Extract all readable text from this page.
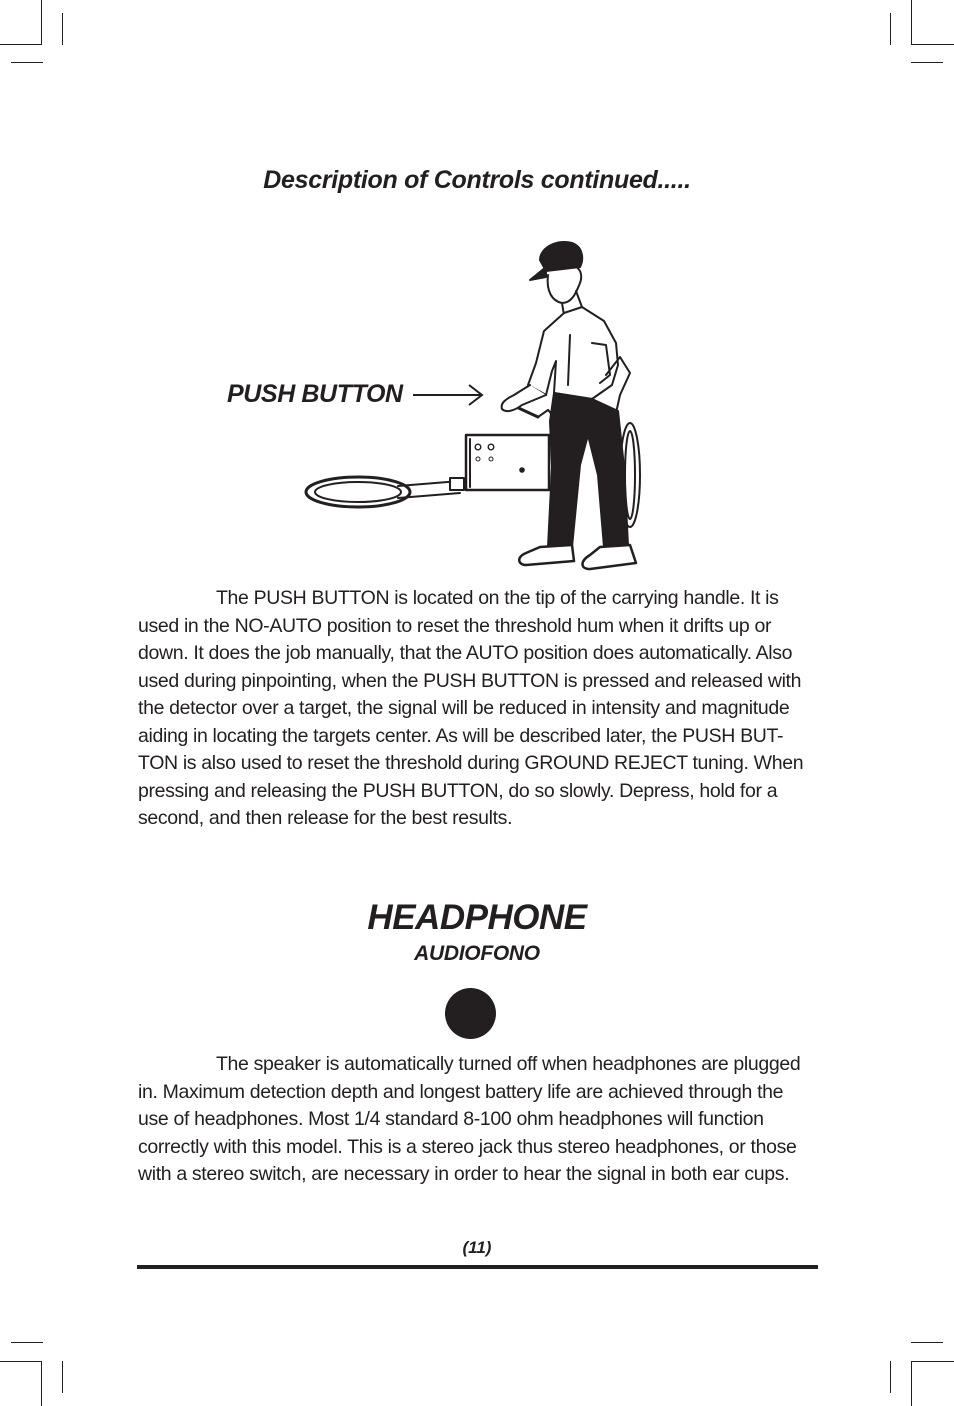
Description of Controls continued.....
PUSH BUTTON

The PUSH BUTTON is located on the tip of the carrying handle. It is used in the NO-AUTO position to reset the threshold hum when it drifts up or down. It does the job manually, that the AUTO position does automatically. Also used during pinpointing, when the PUSH BUTTON is pressed and released with the detector over a target, the signal will be reduced in intensity and magnitude aiding in locating the targets center. As will be described later, the PUSH BUT- TON is also used to reset the threshold during GROUND REJECT tuning. When pressing and releasing the PUSH BUTTON, do so slowly. Depress, hold for a second, and then release for the best results.

HEADPHONE
AUDIOFONO

The speaker is automatically turned off when headphones are plugged in. Maximum detection depth and longest battery life are achieved through the use of headphones. Most 1/4 standard 8-100 ohm headphones will function correctly with this model. This is a stereo jack thus stereo headphones, or those with a stereo switch, are necessary in order to hear the signal in both ear cups.

(11)
